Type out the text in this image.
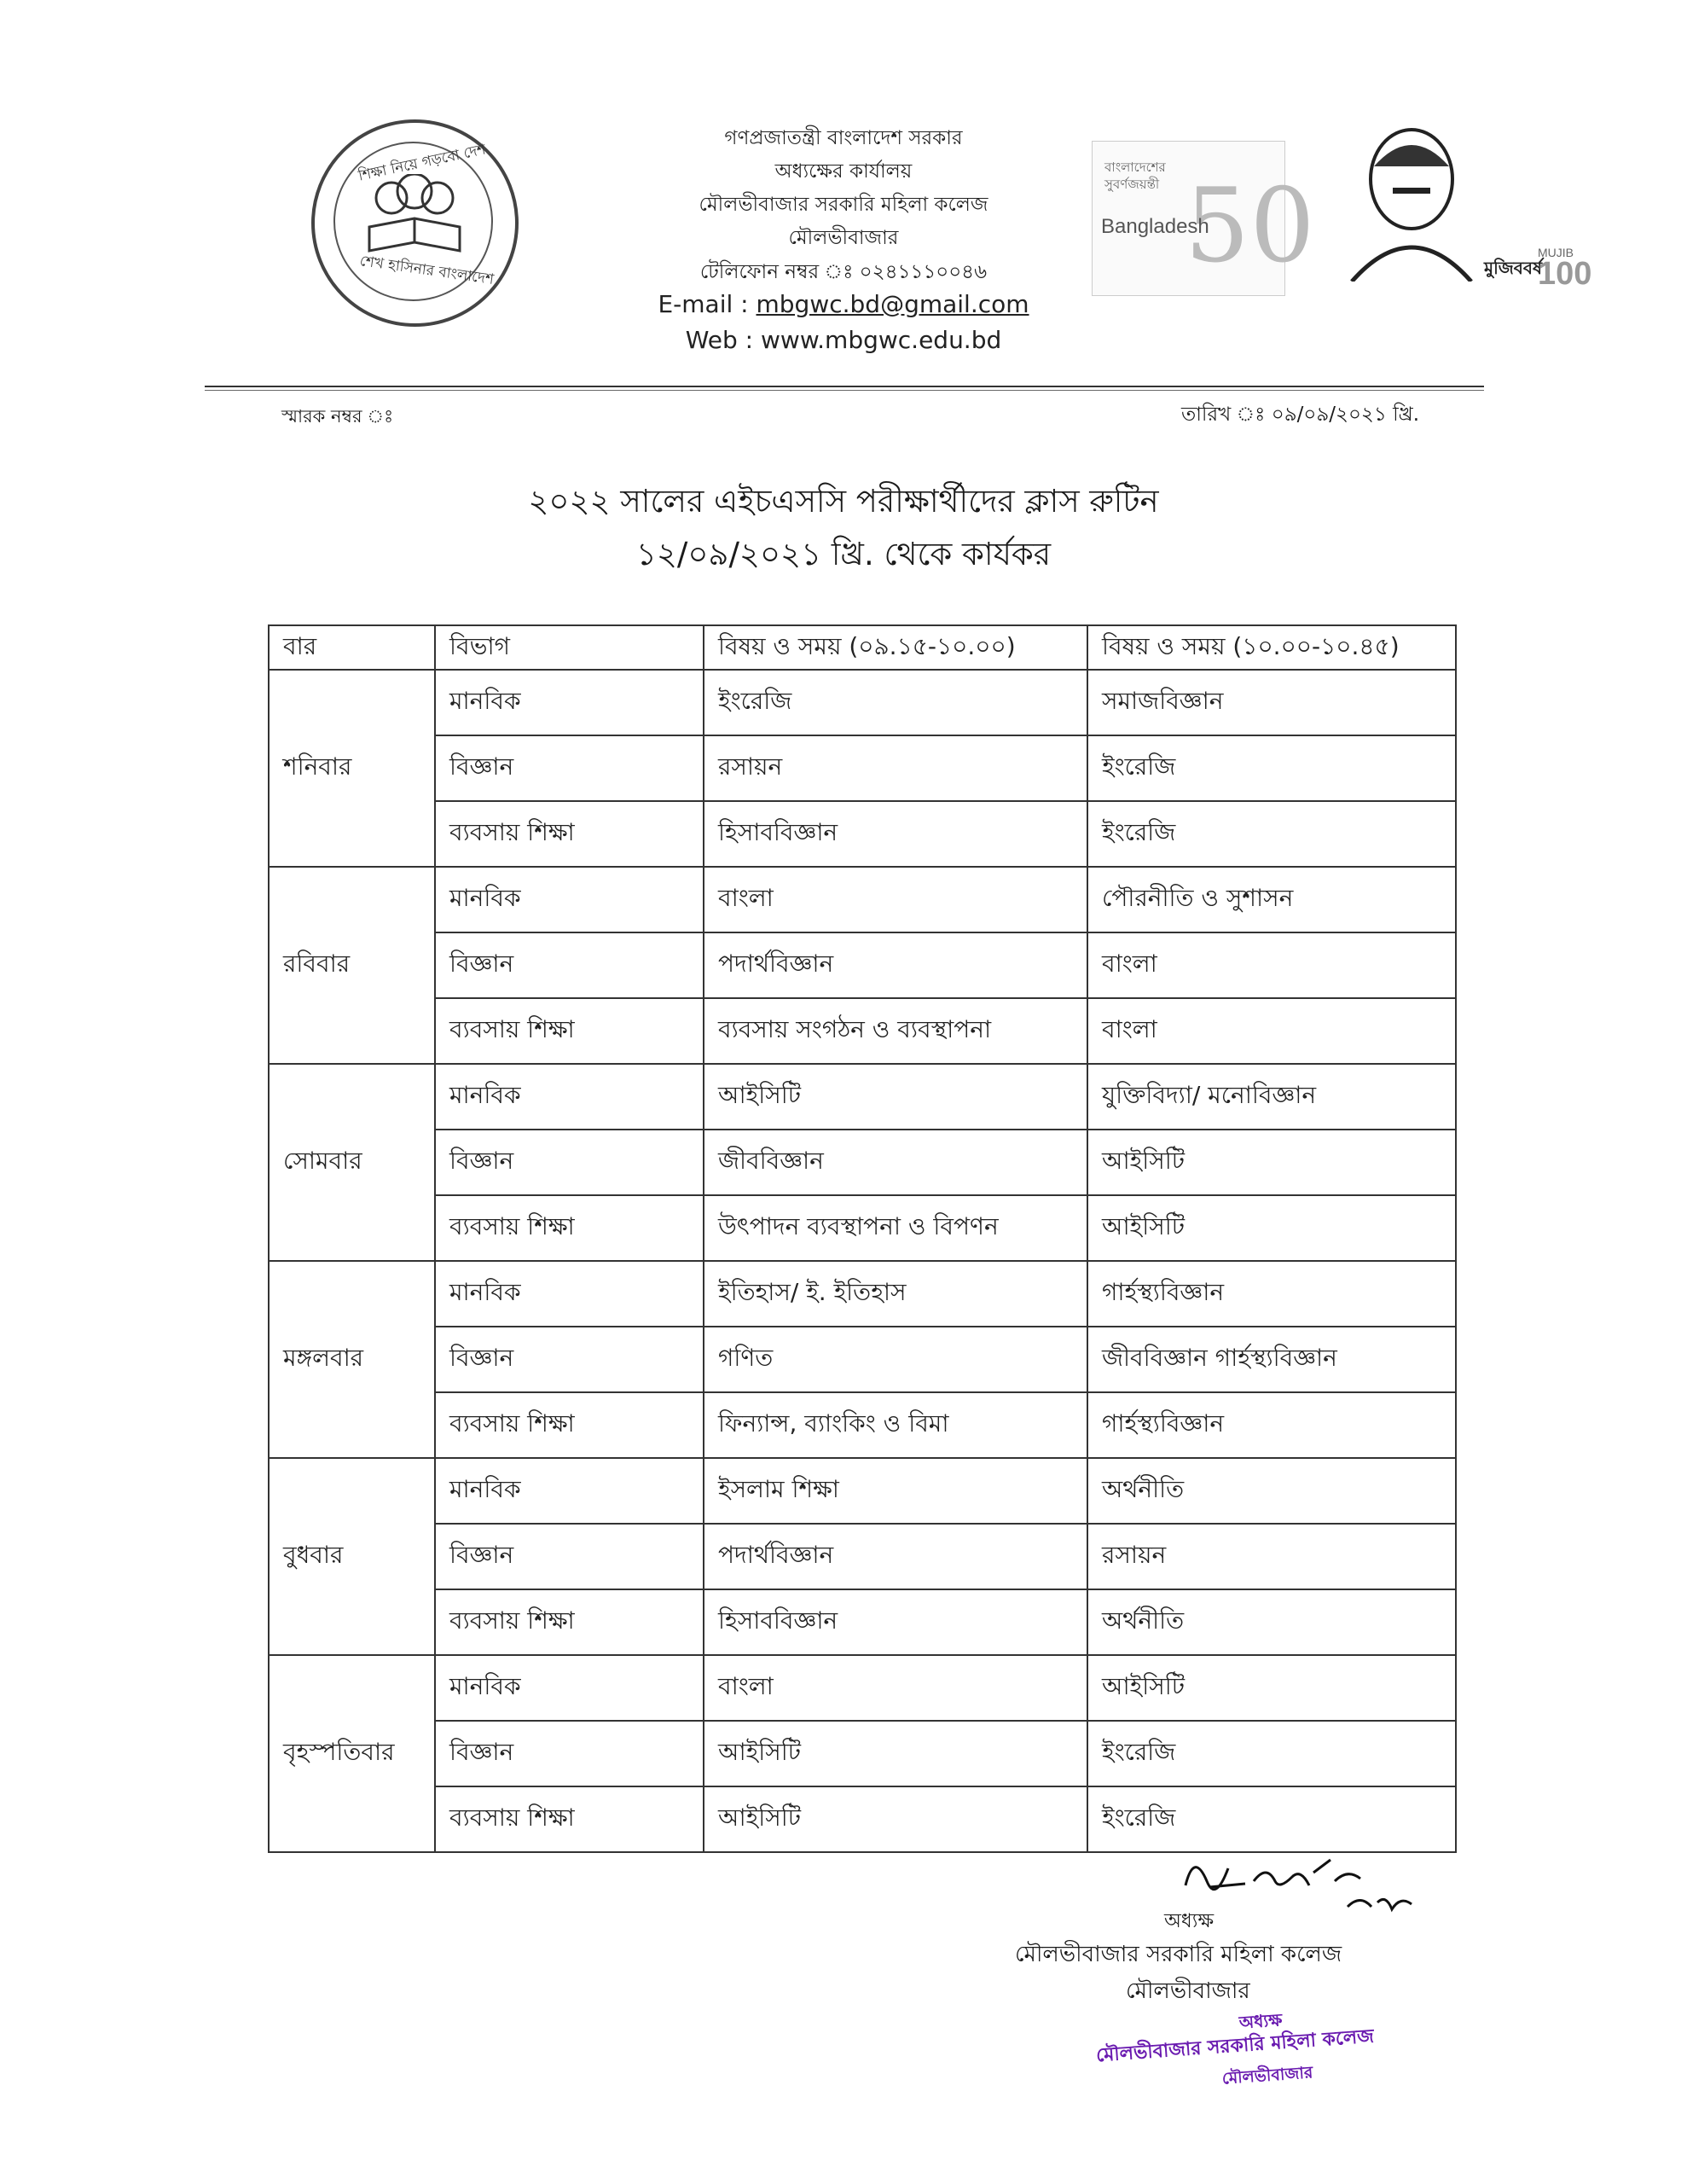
শিক্ষা নিয়ে গড়বো দেশ
শেখ হাসিনার বাংলাদেশ
গণপ্রজাতন্ত্রী বাংলাদেশ সরকার
অধ্যক্ষের কার্যালয়
মৌলভীবাজার সরকারি মহিলা কলেজ
মৌলভীবাজার
টেলিফোন নম্বর ঃ ০২৪১১১০০৪৬
E-mail : mbgwc.bd@gmail.com
Web : www.mbgwc.edu.bd
বাংলাদেশের
সুবর্ণজয়ন্তী 50
Bangladesh
মুজিববর্ষ
MUJIB
100
স্মারক নম্বর ঃ	তারিখ ঃ ০৯/০৯/২০২১ খ্রি.
২০২২ সালের এইচএসসি পরীক্ষার্থীদের ক্লাস রুটিন
১২/০৯/২০২১ খ্রি. থেকে কার্যকর
বার	বিভাগ	বিষয় ও সময় (০৯.১৫-১০.০০)	বিষয় ও সময় (১০.০০-১০.৪৫)
শনিবার	মানবিক	ইংরেজি	সমাজবিজ্ঞান
	বিজ্ঞান	রসায়ন	ইংরেজি
	ব্যবসায় শিক্ষা	হিসাববিজ্ঞান	ইংরেজি
রবিবার	মানবিক	বাংলা	পৌরনীতি ও সুশাসন
	বিজ্ঞান	পদার্থবিজ্ঞান	বাংলা
	ব্যবসায় শিক্ষা	ব্যবসায় সংগঠন ও ব্যবস্থাপনা	বাংলা
সোমবার	মানবিক	আইসিটি	যুক্তিবিদ্যা/ মনোবিজ্ঞান
	বিজ্ঞান	জীববিজ্ঞান	আইসিটি
	ব্যবসায় শিক্ষা	উৎপাদন ব্যবস্থাপনা ও বিপণন	আইসিটি
মঙ্গলবার	মানবিক	ইতিহাস/ ই. ইতিহাস	গার্হস্থ্যবিজ্ঞান
	বিজ্ঞান	গণিত	জীববিজ্ঞান গার্হস্থ্যবিজ্ঞান
	ব্যবসায় শিক্ষা	ফিন্যান্স, ব্যাংকিং ও বিমা	গার্হস্থ্যবিজ্ঞান
বুধবার	মানবিক	ইসলাম শিক্ষা	অর্থনীতি
	বিজ্ঞান	পদার্থবিজ্ঞান	রসায়ন
	ব্যবসায় শিক্ষা	হিসাববিজ্ঞান	অর্থনীতি
বৃহস্পতিবার	মানবিক	বাংলা	আইসিটি
	বিজ্ঞান	আইসিটি	ইংরেজি
	ব্যবসায় শিক্ষা	আইসিটি	ইংরেজি
অধ্যক্ষ
মৌলভীবাজার সরকারি মহিলা কলেজ
মৌলভীবাজার
অধ্যক্ষ
মৌলভীবাজার সরকারি মহিলা কলেজ
মৌলভীবাজার
